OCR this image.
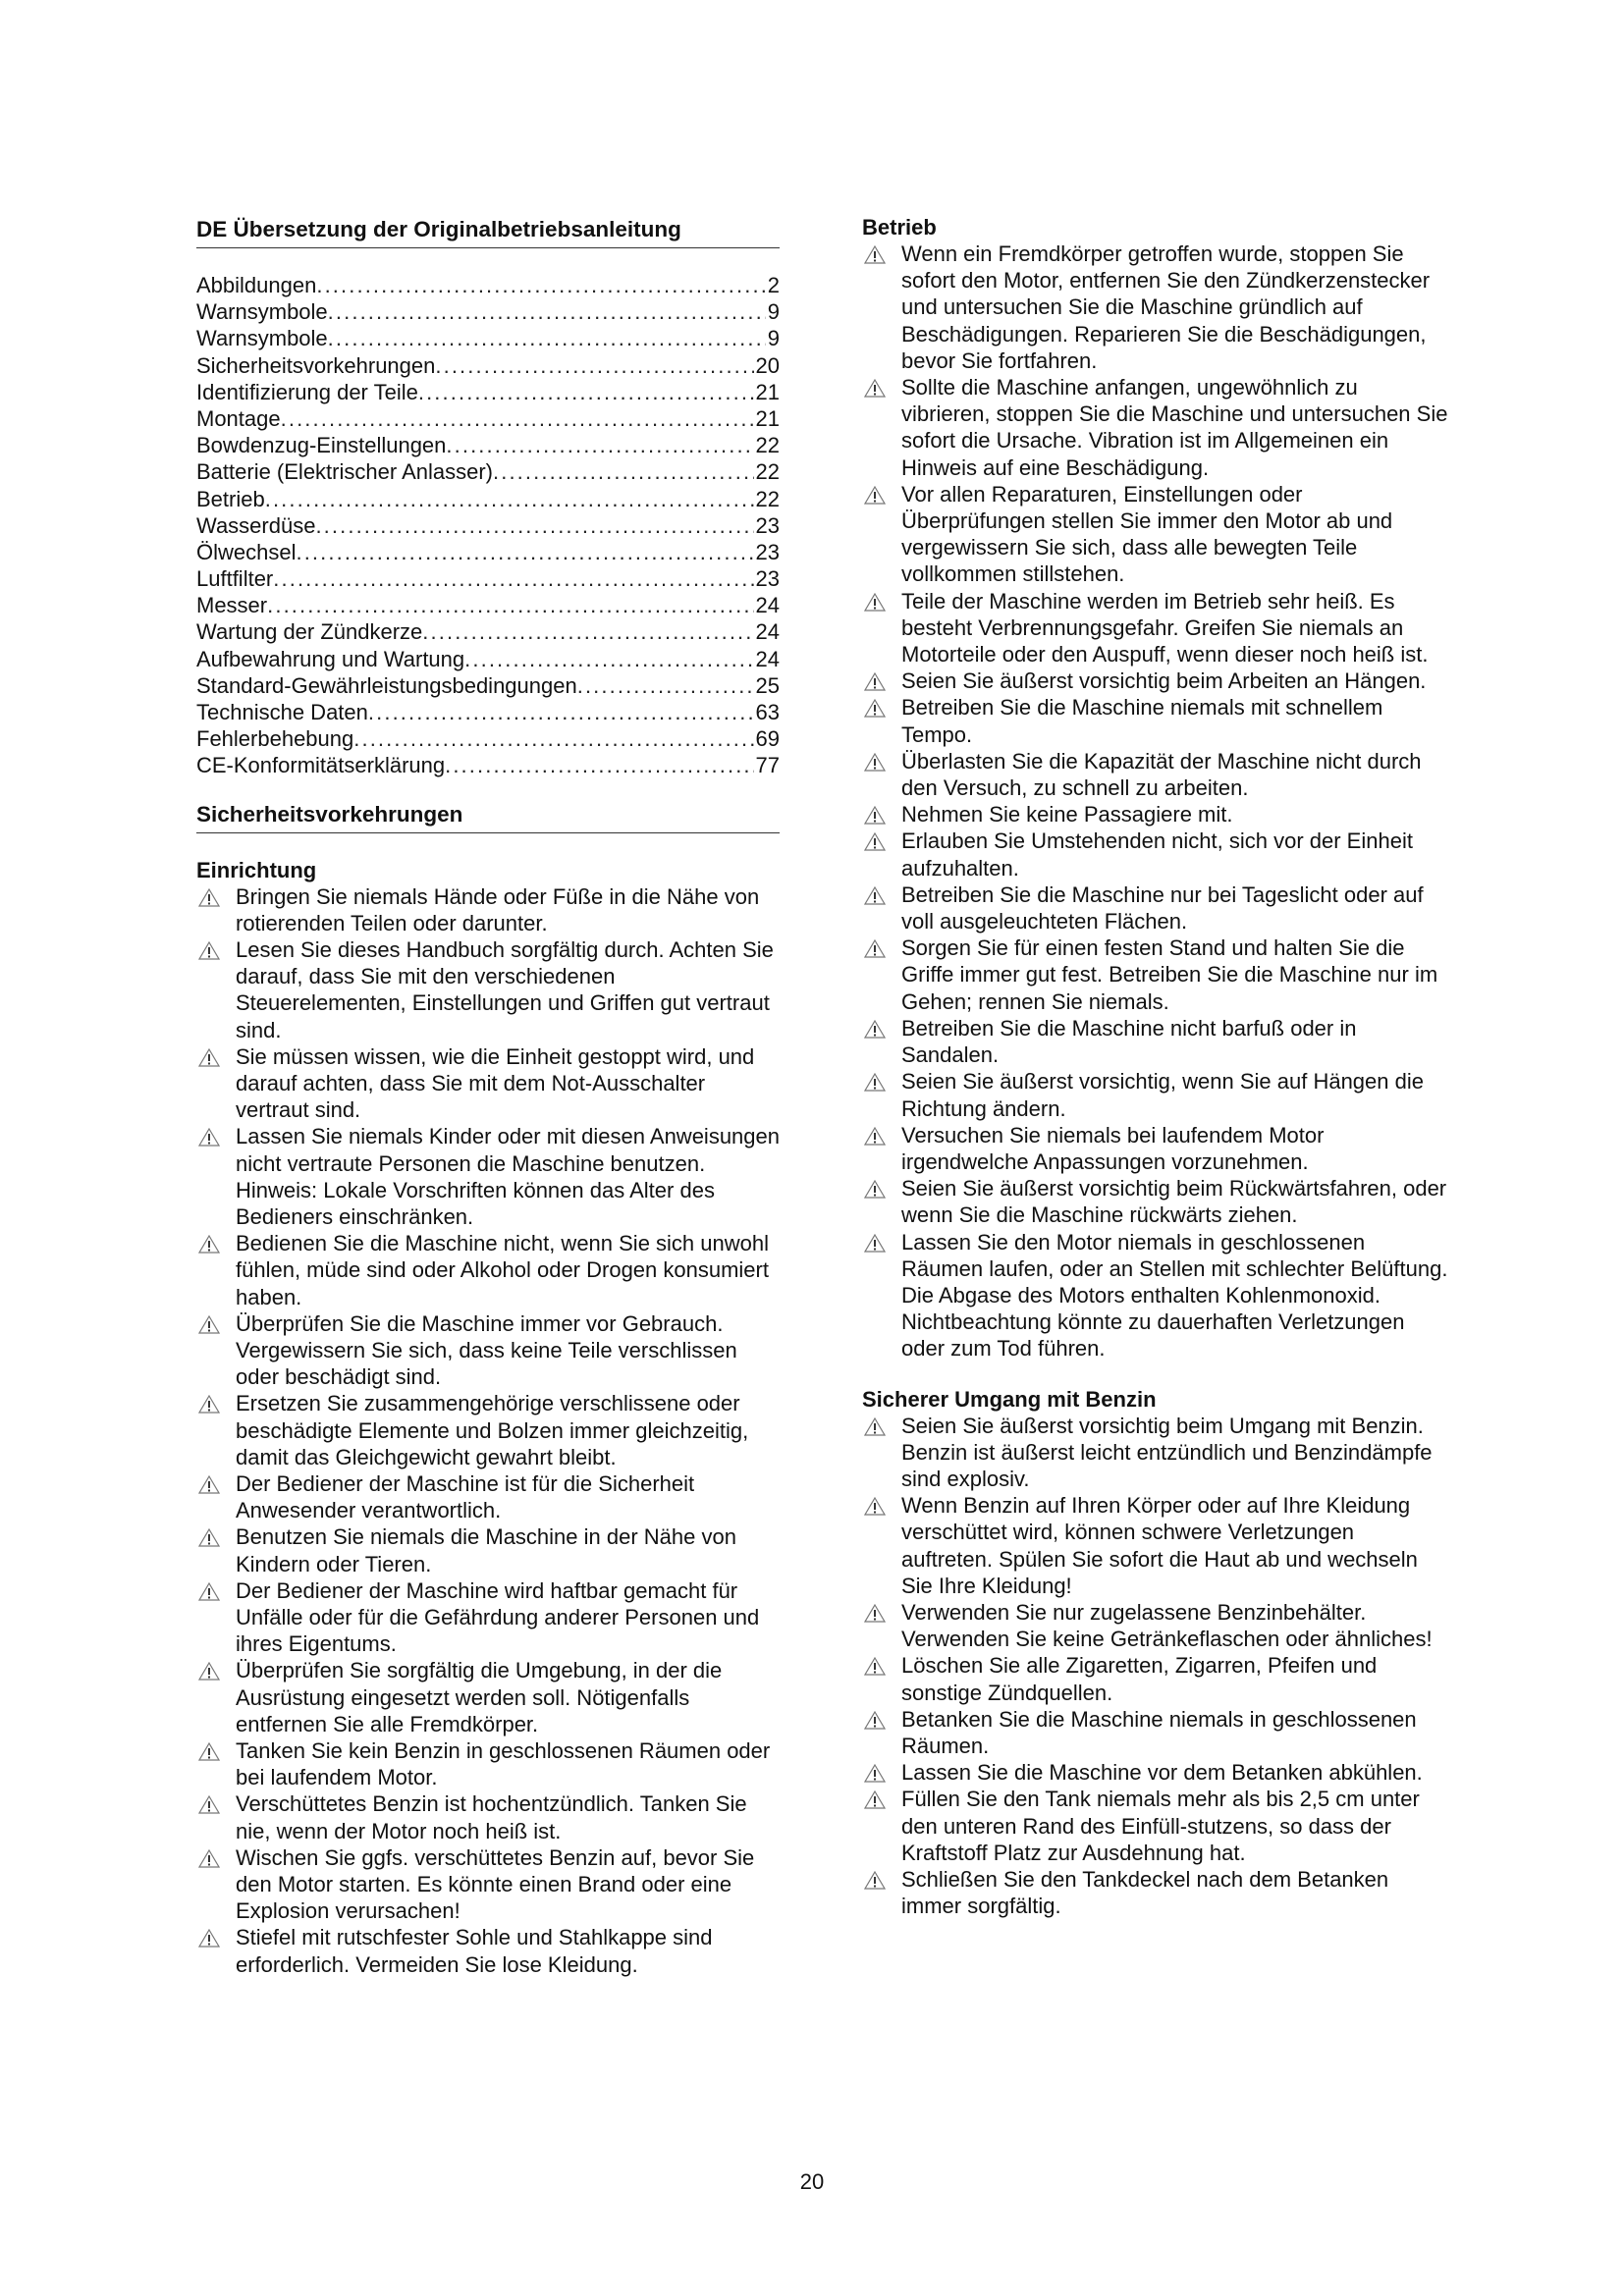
DE Übersetzung der Originalbetriebsanleitung
Abbildungen . . .	2
Warnsymbole . . .	9
Warnsymbole . . .	9
Sicherheitsvorkehrungen . . .	20
Identifizierung der Teile . . .	21
Montage . . .	21
Bowdenzug-Einstellungen . . .	22
Batterie (Elektrischer Anlasser) . . .	22
Betrieb . . .	22
Wasserdüse . . .	23
Ölwechsel . . .	23
Luftfilter . . .	23
Messer . . .	24
Wartung der Zündkerze . . .	24
Aufbewahrung und Wartung . . .	24
Standard-Gewährleistungsbedingungen . . .	25
Technische Daten . . .	63
Fehlerbehebung . . .	69
CE-Konformitätserklärung . . .	77
Sicherheitsvorkehrungen
Einrichtung
Bringen Sie niemals Hände oder Füße in die Nähe von rotierenden Teilen oder darunter.
Lesen Sie dieses Handbuch sorgfältig durch. Achten Sie darauf, dass Sie mit den verschiedenen Steuerelementen, Einstellungen und Griffen gut vertraut sind.
Sie müssen wissen, wie die Einheit gestoppt wird, und darauf achten, dass Sie mit dem Not-Ausschalter vertraut sind.
Lassen Sie niemals Kinder oder mit diesen Anweisungen nicht vertraute Personen die Maschine benutzen. Hinweis: Lokale Vorschriften können das Alter des Bedieners einschränken.
Bedienen Sie die Maschine nicht, wenn Sie sich unwohl fühlen, müde sind oder Alkohol oder Drogen konsumiert haben.
Überprüfen Sie die Maschine immer vor Gebrauch. Vergewissern Sie sich, dass keine Teile verschlissen oder beschädigt sind.
Ersetzen Sie zusammengehörige verschlissene oder beschädigte Elemente und Bolzen immer gleichzeitig, damit das Gleichgewicht gewahrt bleibt.
Der Bediener der Maschine ist für die Sicherheit Anwesender verantwortlich.
Benutzen Sie niemals die Maschine in der Nähe von Kindern oder Tieren.
Der Bediener der Maschine wird haftbar gemacht für Unfälle oder für die Gefährdung anderer Personen und ihres Eigentums.
Überprüfen Sie sorgfältig die Umgebung, in der die Ausrüstung eingesetzt werden soll. Nötigenfalls entfernen Sie alle Fremdkörper.
Tanken Sie kein Benzin in geschlossenen Räumen oder bei laufendem Motor.
Verschüttetes Benzin ist hochentzündlich. Tanken Sie nie, wenn der Motor noch heiß ist.
Wischen Sie ggfs. verschüttetes Benzin auf, bevor Sie den Motor starten. Es könnte einen Brand oder eine Explosion verursachen!
Stiefel mit rutschfester Sohle und Stahlkappe sind erforderlich. Vermeiden Sie lose Kleidung.
Betrieb
Wenn ein Fremdkörper getroffen wurde, stoppen Sie sofort den Motor, entfernen Sie den Zündkerzenstecker und untersuchen Sie die Maschine gründlich auf Beschädigungen. Reparieren Sie die Beschädigungen, bevor Sie fortfahren.
Sollte die Maschine anfangen, ungewöhnlich zu vibrieren, stoppen Sie die Maschine und untersuchen Sie sofort die Ursache. Vibration ist im Allgemeinen ein Hinweis auf eine Beschädigung.
Vor allen Reparaturen, Einstellungen oder Überprüfungen stellen Sie immer den Motor ab und vergewissern Sie sich, dass alle bewegten Teile vollkommen stillstehen.
Teile der Maschine werden im Betrieb sehr heiß. Es besteht Verbrennungsgefahr. Greifen Sie niemals an Motorteile oder den Auspuff, wenn dieser noch heiß ist.
Seien Sie äußerst vorsichtig beim Arbeiten an Hängen.
Betreiben Sie die Maschine niemals mit schnellem Tempo.
Überlasten Sie die Kapazität der Maschine nicht durch den Versuch, zu schnell zu arbeiten.
Nehmen Sie keine Passagiere mit.
Erlauben Sie Umstehenden nicht, sich vor der Einheit aufzuhalten.
Betreiben Sie die Maschine nur bei Tageslicht oder auf voll ausgeleuchteten Flächen.
Sorgen Sie für einen festen Stand und halten Sie die Griffe immer gut fest. Betreiben Sie die Maschine nur im Gehen; rennen Sie niemals.
Betreiben Sie die Maschine nicht barfuß oder in Sandalen.
Seien Sie äußerst vorsichtig, wenn Sie auf Hängen die Richtung ändern.
Versuchen Sie niemals bei laufendem Motor irgendwelche Anpassungen vorzunehmen.
Seien Sie äußerst vorsichtig beim Rückwärtsfahren, oder wenn Sie die Maschine rückwärts ziehen.
Lassen Sie den Motor niemals in geschlossenen Räumen laufen, oder an Stellen mit schlechter Belüftung. Die Abgase des Motors enthalten Kohlenmonoxid. Nichtbeachtung könnte zu dauerhaften Verletzungen oder zum Tod führen.
Sicherer Umgang mit Benzin
Seien Sie äußerst vorsichtig beim Umgang mit Benzin. Benzin ist äußerst leicht entzündlich und Benzindämpfe sind explosiv.
Wenn Benzin auf Ihren Körper oder auf Ihre Kleidung verschüttet wird, können schwere Verletzungen auftreten. Spülen Sie sofort die Haut ab und wechseln Sie Ihre Kleidung!
Verwenden Sie nur zugelassene Benzinbehälter. Verwenden Sie keine Getränkeflaschen oder ähnliches!
Löschen Sie alle Zigaretten, Zigarren, Pfeifen und sonstige Zündquellen.
Betanken Sie die Maschine niemals in geschlossenen Räumen.
Lassen Sie die Maschine vor dem Betanken abkühlen.
Füllen Sie den Tank niemals mehr als bis 2,5 cm unter den unteren Rand des Einfüll-stutzens, so dass der Kraftstoff Platz zur Ausdehnung hat.
Schließen Sie den Tankdeckel nach dem Betanken immer sorgfältig.
20
